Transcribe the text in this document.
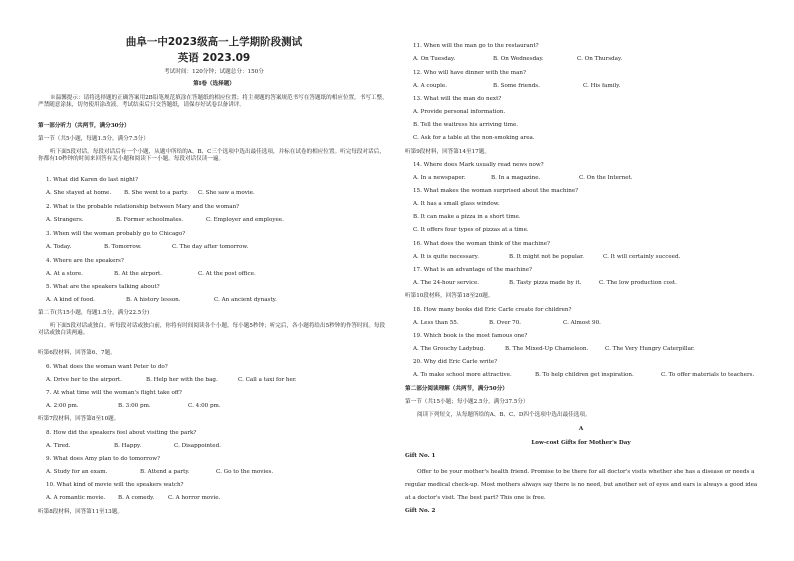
曲阜一中2023级高一上学期阶段测试
英语 2023.09
考试时间：120分钟；试题总分：150分
第Ⅰ卷（选择题）
※温馨提示：请将选择题的正确答案用2B铅笔规范填涂在答题纸的相应位置；将主观题的答案规范书写在答题纸的相应位置。书写工整，严禁随意涂抹，切勿使用涂改液。考试结束后只交答题纸，请保存好试卷以备讲评。
第一部分听力（共两节，满分30分）
第一节（共5小题，每题1.5分，满分7.5分）
听下面5段对话。每段对话后有一个小题，从题中所给的A、B、C三个选项中选出最佳选项，并标在试卷的相应位置。听完每段对话后，你都有10秒钟的时间来回答有关小题和阅读下一小题。每段对话仅读一遍。
1. What did Karen do last night?
A. She stayed at home. B. She went to a party. C. She saw a movie.
2. What is the probable relationship between Mary and the woman?
A. Strangers.	B. Former schoolmates.	C. Employer and employee.
3. When will the woman probably go to Chicago?
A. Today.	B. Tomorrow.	C. The day after tomorrow.
4. Where are the speakers?
A. At a store.	B. At the airport.	C. At the post office.
5. What are the speakers talking about?
A. A kind of food.	B. A history lesson.	C. An ancient dynasty.
第二节(共15小题，每题1.5分，满分22.5分)
听下面5段对话或独白。听每段对话或独白前，你将有时间阅读各个小题，每小题5秒钟；听完后，各小题将给出5秒钟的作答时间。每段对话或独白读两遍。
听第6段材料，回答第6、7题。
6. What does the woman want Peter to do?
A. Drive her to the airport.	B. Help her with the bag.	C. Call a taxi for her.
7. At what time will the woman's flight take off?
A. 2:00 pm.	B. 3:00 pm.	C. 4:00 pm.
听第7段材料，回答第8至10题。
8. How did the speakers feel about visiting the park?
A. Tired.	B. Happy.	C. Disappointed.
9. What does Amy plan to do tomorrow?
A. Study for an exam.	B. Attend a party.	C. Go to the movies.
10. What kind of movie will the speakers watch?
A. A romantic movie. B. A comedy. C. A horror movie.
听第8段材料，回答第11至13题。
11. When will the man go to the restaurant?
A. On Tuesday.	B. On Wednesday.	C. On Thursday.
12. Who will have dinner with the man?
A. A couple.	B. Some friends.	C. His family.
13. What will the man do next?
A. Provide personal information.
B. Tell the waitress his arriving time.
C. Ask for a table at the non-smoking area.
听第9段材料，回答第14至17题。
14. Where does Mark usually read news now?
A. In a newspaper.	B. In a magazine.	C. On the Internet.
15. What makes the woman surprised about the machine?
A. It has a small glass window.
B. It can make a pizza in a short time.
C. It offers four types of pizzas at a time.
16. What does the woman think of the machine?
A. It is quite necessary.	B. It might not be popular.	C. It will certainly succeed.
17. What is an advantage of the machine?
A. The 24-hour service.	B. Tasty pizza made by it.	C. The low production cost.
听第10段材料，回答第18至20题。
18. How many books did Eric Carle create for children?
A. Less than 55.	B. Over 70.	C. Almost 90.
19. Which book is the most famous one?
A. The Grouchy Ladybug.	B. The Mixed-Up Chameleon.	C. The Very Hungry Caterpillar.
20. Why did Eric Carle write?
A. To make school more attractive.	B. To help children get inspiration.	C. To offer materials to teachers.
第二部分阅读理解（共两节，满分50分）
第一节（共15小题；每小题2.5分，满分37.5分）
阅读下列短文，从每题所给的A、B、C、D四个选项中选出最佳选项。
A
Low-cost Gifts for Mother's Day
Gift No. 1
Offer to be your mother's health friend. Promise to be there for all doctor's visits whether she has a disease or needs a regular medical check-up. Most mothers always say there is no need, but another set of eyes and ears is always a good idea at a doctor's visit. The best part? This one is free.
Gift No. 2
